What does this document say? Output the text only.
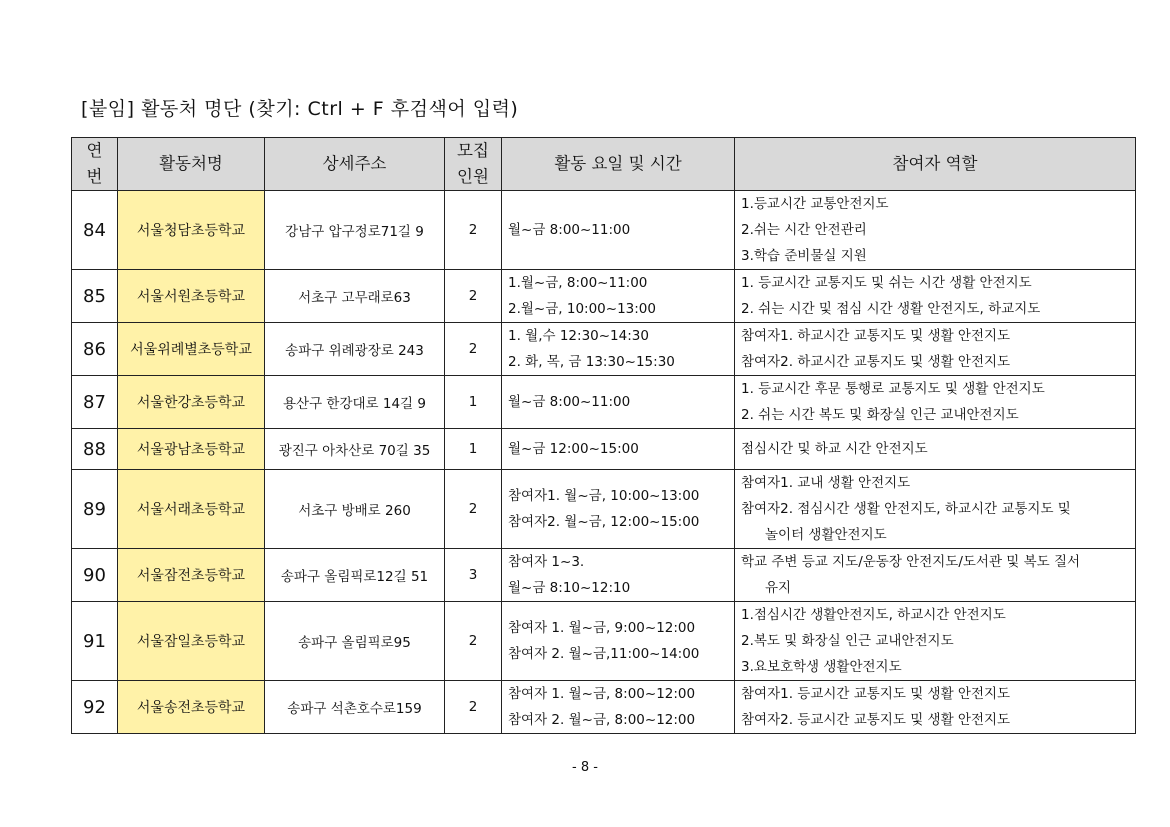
[붙임] 활동처 명단 (찾기: Ctrl + F 후검색어 입력)
연
번	활동처명	상세주소	모집
인원	활동 요일 및 시간	참여자 역할
84	서울청담초등학교	강남구 압구정로71길 9	2	월~금 8:00~11:00	1.등교시간 교통안전지도
2.쉬는 시간 안전관리
3.학습 준비물실 지원

85	서울서원초등학교	서초구 고무래로63	2	1.월~금, 8:00~11:00
2.월~금, 10:00~13:00	1. 등교시간 교통지도 및 쉬는 시간 생활 안전지도
2. 쉬는 시간 및 점심 시간 생활 안전지도, 하교지도

86	서울위례별초등학교	송파구 위례광장로 243	2	1. 월,수 12:30~14:30
2. 화, 목, 금 13:30~15:30	참여자1. 하교시간 교통지도 및 생활 안전지도
참여자2. 하교시간 교통지도 및 생활 안전지도

87	서울한강초등학교	용산구 한강대로 14길 9	1	월~금 8:00~11:00	1. 등교시간 후문 통행로 교통지도 및 생활 안전지도
2. 쉬는 시간 복도 및 화장실 인근 교내안전지도

88	서울광남초등학교	광진구 아차산로 70길 35	1	월~금 12:00~15:00	점심시간 및 하교 시간 안전지도

89	서울서래초등학교	서초구 방배로 260	2	참여자1. 월~금, 10:00~13:00
참여자2. 월~금, 12:00~15:00	참여자1. 교내 생활 안전지도
참여자2. 점심시간 생활 안전지도, 하교시간 교통지도 및
놀이터 생활안전지도

90	서울잠전초등학교	송파구 올림픽로12길 51	3	참여자 1~3.
월~금 8:10~12:10	학교 주변 등교 지도/운동장 안전지도/도서관 및 복도 질서
유지

91	서울잠일초등학교	송파구 올림픽로95	2	참여자 1. 월~금, 9:00~12:00
참여자 2. 월~금,11:00~14:00	1.점심시간 생활안전지도, 하교시간 안전지도
2.복도 및 화장실 인근 교내안전지도
3.요보호학생 생활안전지도

92	서울송전초등학교	송파구 석촌호수로159	2	참여자 1. 월~금, 8:00~12:00
참여자 2. 월~금, 8:00~12:00	참여자1. 등교시간 교통지도 및 생활 안전지도
참여자2. 등교시간 교통지도 및 생활 안전지도
- 8 -
